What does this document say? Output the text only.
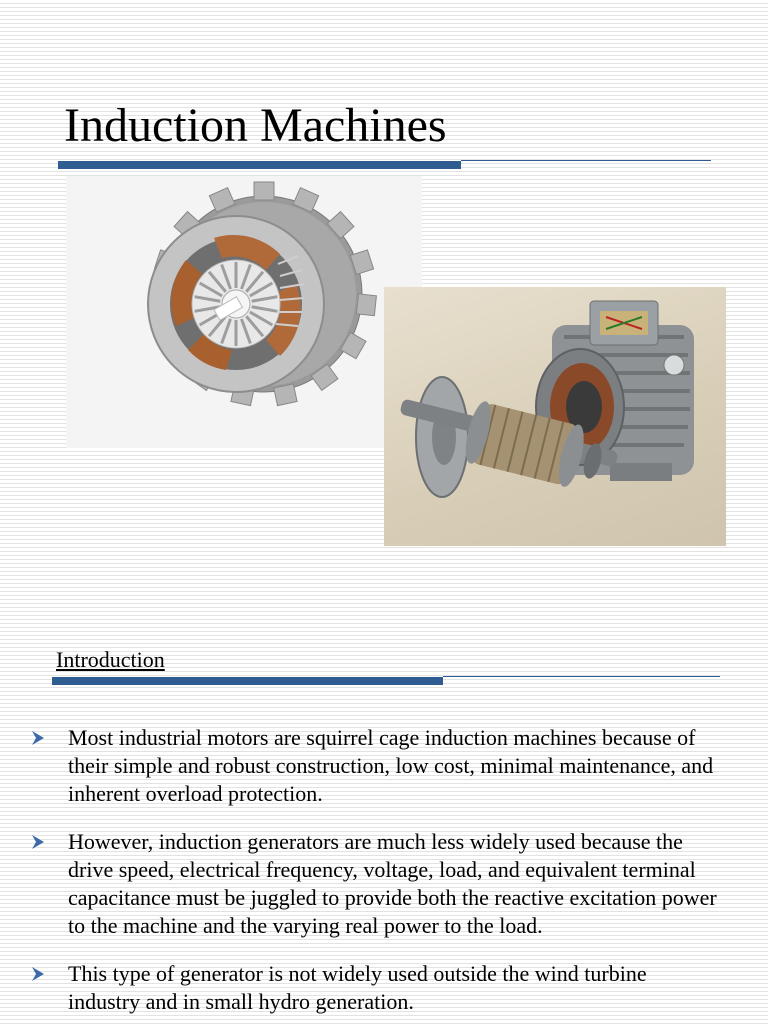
Induction Machines
Introduction
Most industrial motors are squirrel cage induction machines because of their simple and robust construction, low cost, minimal maintenance, and inherent overload protection.
However, induction generators are much less widely used because the drive speed, electrical frequency, voltage, load, and equivalent terminal capacitance must be juggled to provide both the reactive excitation power to the machine and the varying real power to the load.
This type of generator is not widely used outside the wind turbine industry and in small hydro generation.
